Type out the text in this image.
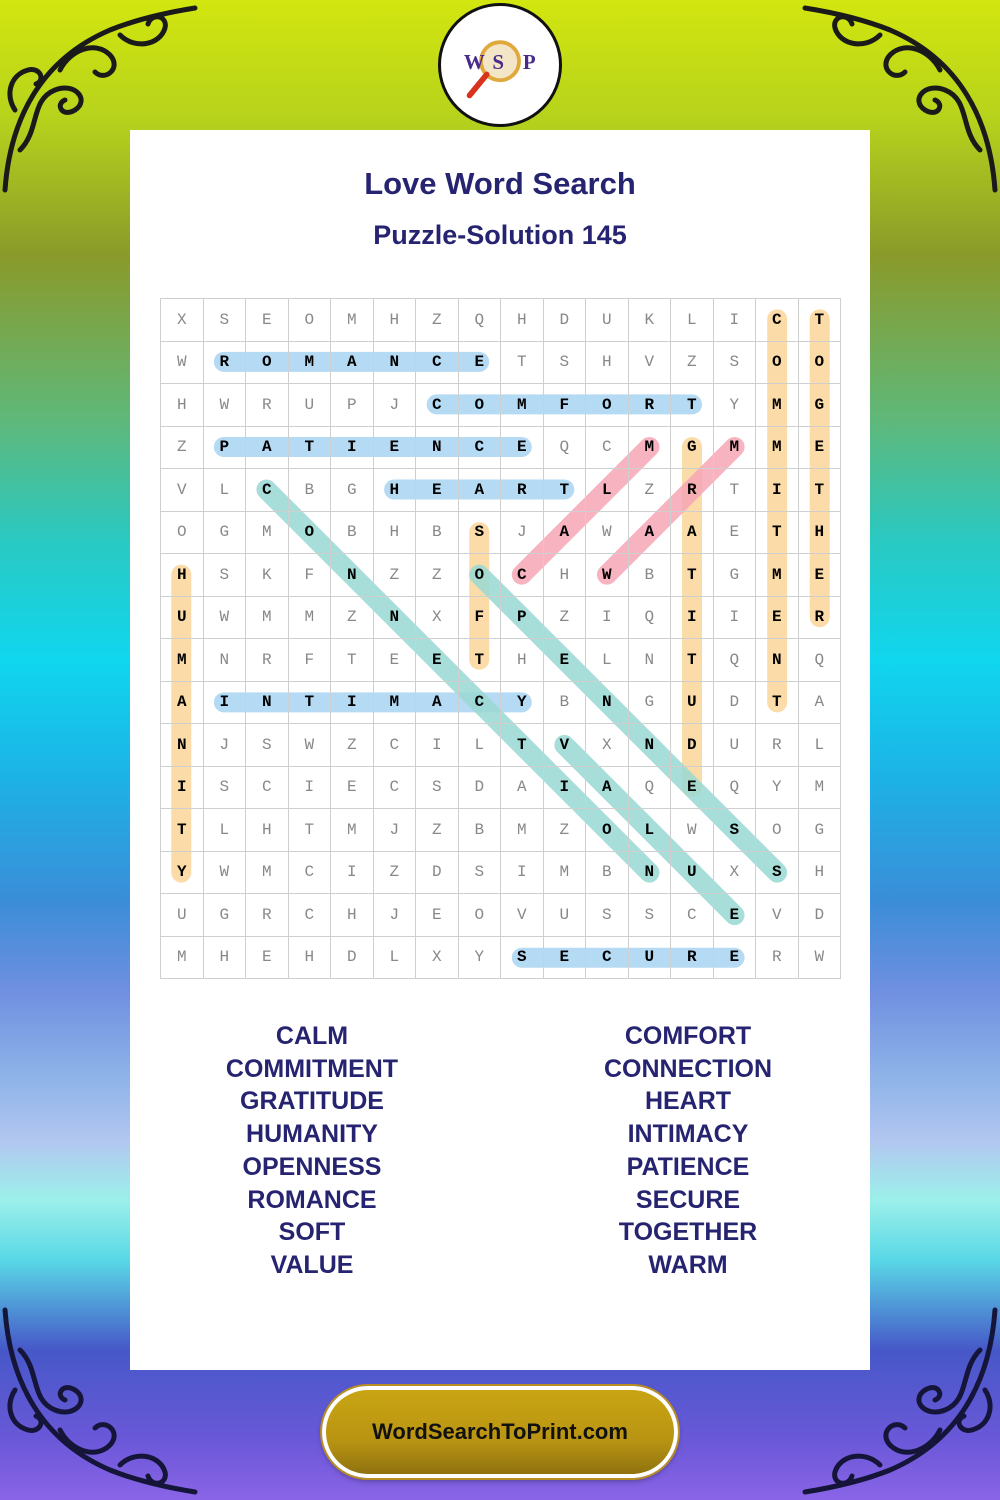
W S P
Love Word Search
Puzzle-Solution 145
X	S	E	O	M	H	Z	Q	H	D	U	K	L	I	C	T
W	R	O	M	A	N	C	E	T	S	H	V	Z	S	O	O
H	W	R	U	P	J	C	O	M	F	O	R	T	Y	M	G
Z	P	A	T	I	E	N	C	E	Q	C	M	G	M	M	E
V	L	C	B	G	H	E	A	R	T	L	Z	R	T	I	T
O	G	M	O	B	H	B	S	J	A	W	A	A	E	T	H
H	S	K	F	N	Z	Z	O	C	H	W	B	T	G	M	E
U	W	M	M	Z	N	X	F	P	Z	I	Q	I	I	E	R
M	N	R	F	T	E	E	T	H	E	L	N	T	Q	N	Q
A	I	N	T	I	M	A	C	Y	B	N	G	U	D	T	A
N	J	S	W	Z	C	I	L	T	V	X	N	D	U	R	L
I	S	C	I	E	C	S	D	A	I	A	Q	E	Q	Y	M
T	L	H	T	M	J	Z	B	M	Z	O	L	W	S	O	G
Y	W	M	C	I	Z	D	S	I	M	B	N	U	X	S	H
U	G	R	C	H	J	E	O	V	U	S	S	C	E	V	D
M	H	E	H	D	L	X	Y	S	E	C	U	R	E	R	W
CALM
COMMITMENT
GRATITUDE
HUMANITY
OPENNESS
ROMANCE
SOFT
VALUE
COMFORT
CONNECTION
HEART
INTIMACY
PATIENCE
SECURE
TOGETHER
WARM
WordSearchToPrint.com
